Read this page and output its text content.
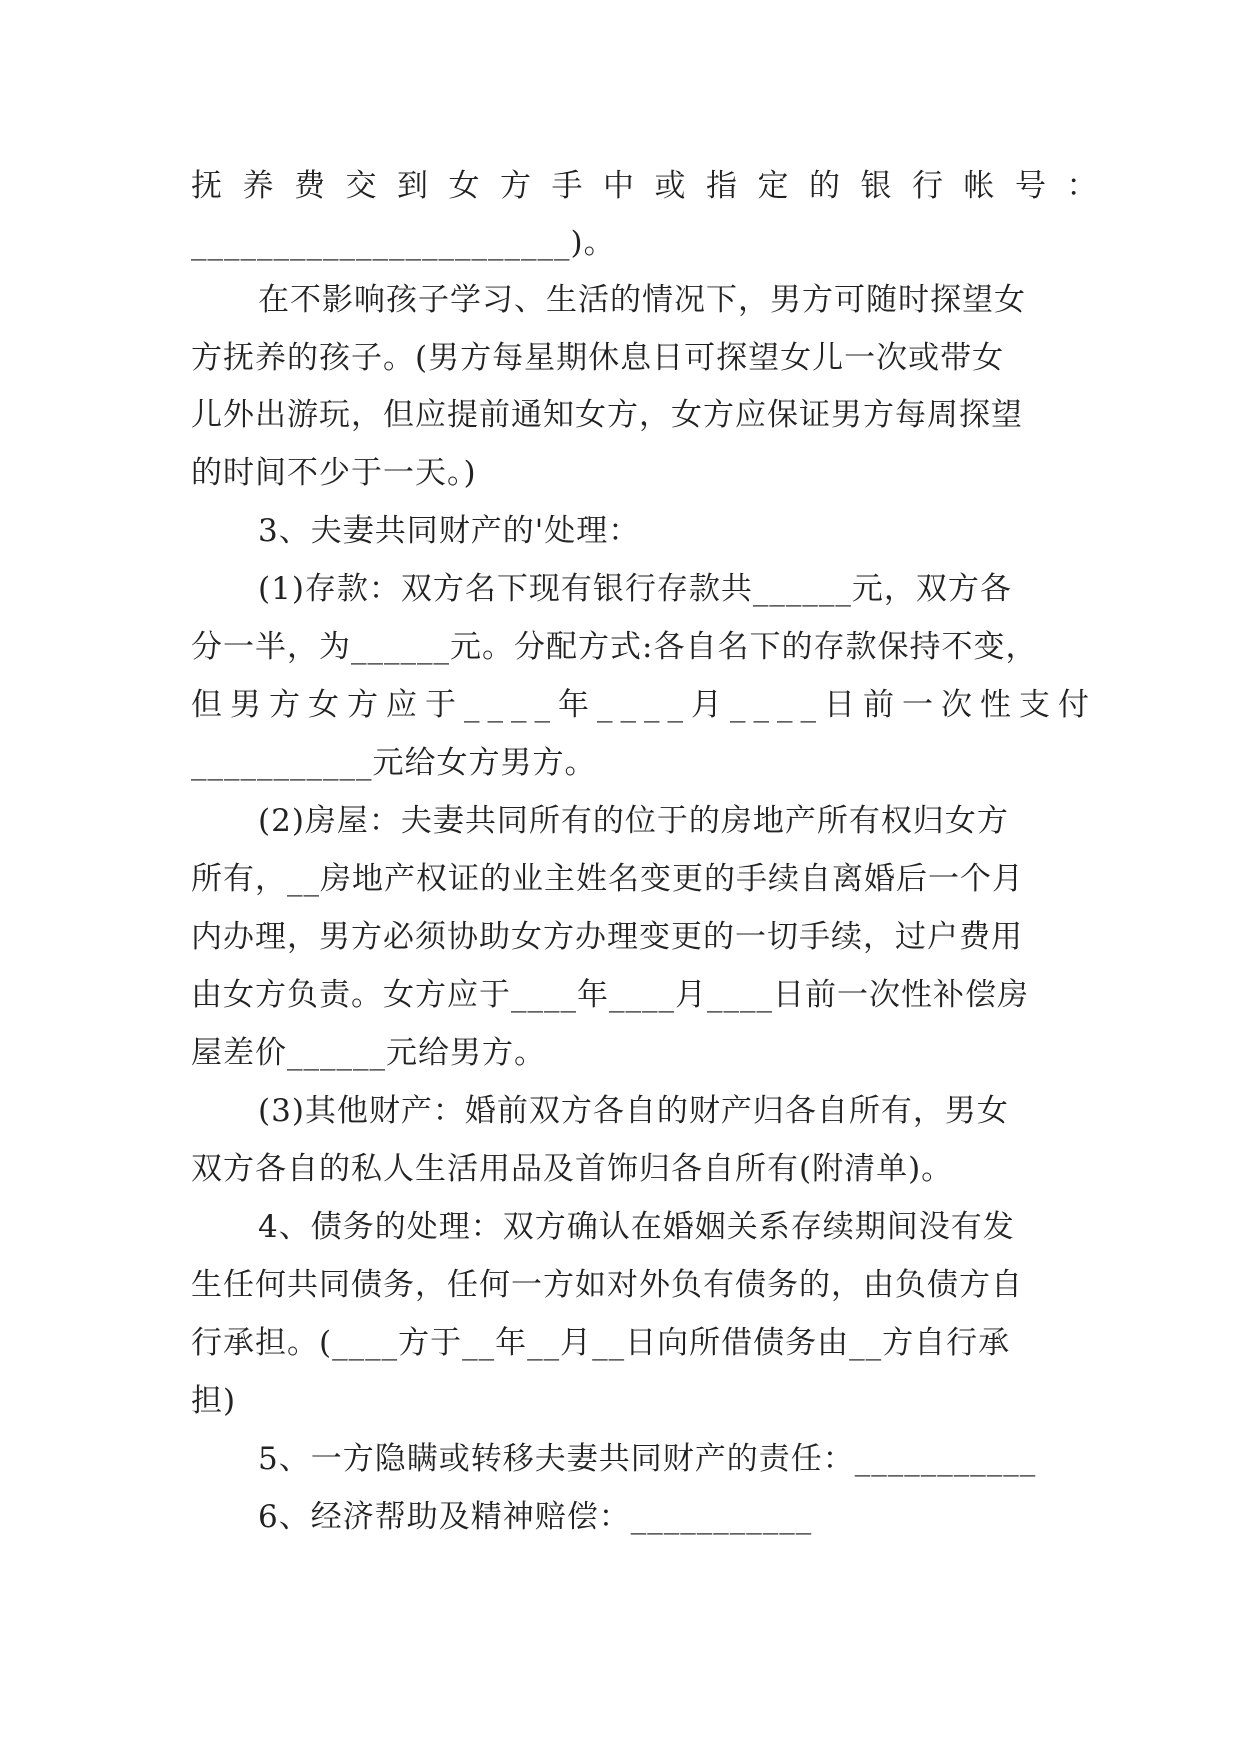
抚养费交到女方手中或指定的银行帐号：
_______________________)。
在不影响孩子学习、生活的情况下，男方可随时探望女
方抚养的孩子。(男方每星期休息日可探望女儿一次或带女
儿外出游玩，但应提前通知女方，女方应保证男方每周探望
的时间不少于一天。)
3、夫妻共同财产的'处理：
(1)存款：双方名下现有银行存款共______元，双方各
分一半，为______元。分配方式:各自名下的存款保持不变，
但男方女方应于____年____月____日前一次性支付
___________元给女方男方。
(2)房屋：夫妻共同所有的位于的房地产所有权归女方
所有，__房地产权证的业主姓名变更的手续自离婚后一个月
内办理，男方必须协助女方办理变更的一切手续，过户费用
由女方负责。女方应于____年____月____日前一次性补偿房
屋差价______元给男方。
(3)其他财产：婚前双方各自的财产归各自所有，男女
双方各自的私人生活用品及首饰归各自所有(附清单)。
4、债务的处理：双方确认在婚姻关系存续期间没有发
生任何共同债务，任何一方如对外负有债务的，由负债方自
行承担。(____方于__年__月__日向所借债务由__方自行承
担)
5、一方隐瞒或转移夫妻共同财产的责任：___________
6、经济帮助及精神赔偿：___________
